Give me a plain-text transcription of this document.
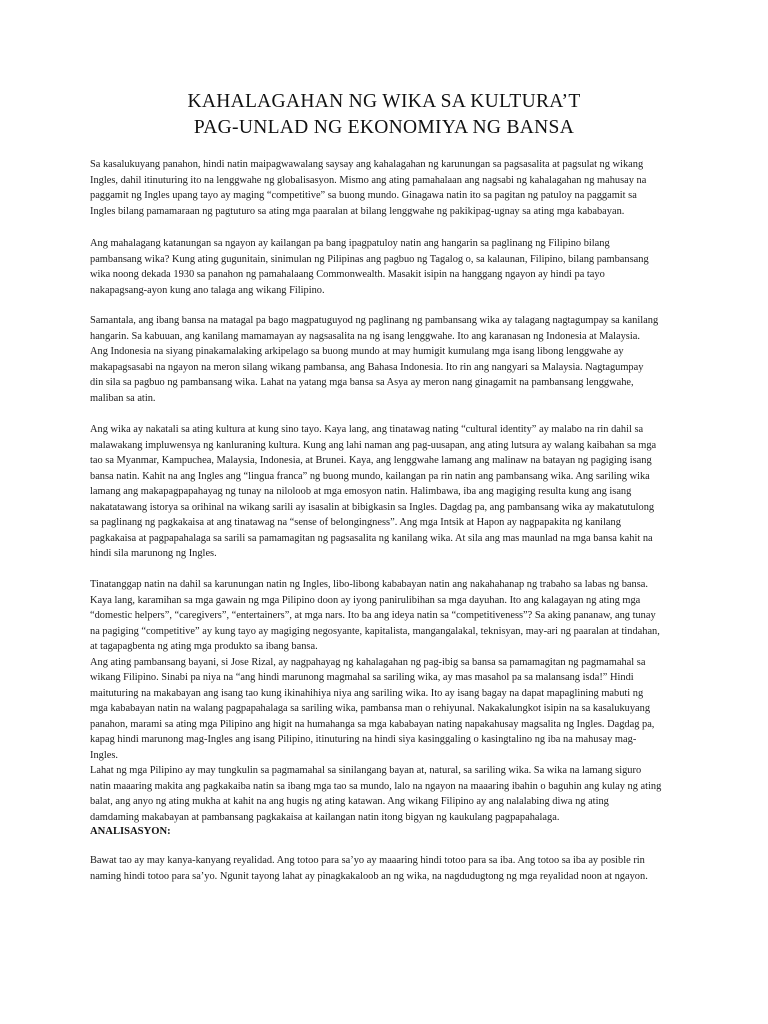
KAHALAGAHAN NG WIKA SA KULTURA’T
PAG-UNLAD NG EKONOMIYA NG BANSA
Sa kasalukuyang panahon, hindi natin maipagwawalang saysay ang kahalagahan ng karunungan sa pagsasalita at pagsulat ng wikang
Ingles, dahil itinuturing ito na lenggwahe ng globalisasyon. Mismo ang ating pamahalaan ang nagsabi ng kahalagahan ng mahusay na
paggamit ng Ingles upang tayo ay maging “competitive” sa buong mundo. Ginagawa natin ito sa pagitan ng patuloy na paggamit sa
Ingles bilang pamamaraan ng pagtuturo sa ating mga paaralan at bilang lenggwahe ng pakikipag-ugnay sa ating mga kababayan.
Ang mahalagang katanungan sa ngayon ay kailangan pa bang ipagpatuloy natin ang hangarin sa paglinang ng Filipino bilang
pambansang wika? Kung ating gugunitain, sinimulan ng Pilipinas ang pagbuo ng Tagalog o, sa kalaunan, Filipino, bilang pambansang
wika noong dekada 1930 sa panahon ng pamahalaang Commonwealth. Masakit isipin na hanggang ngayon ay hindi pa tayo
nakapagsang-ayon kung ano talaga ang wikang Filipino.
Samantala, ang ibang bansa na matagal pa bago magpatuguyod ng paglinang ng pambansang wika ay talagang nagtagumpay sa kanilang
hangarin. Sa kabuuan, ang kanilang mamamayan ay nagsasalita na ng isang lenggwahe. Ito ang karanasan ng Indonesia at Malaysia.
Ang Indonesia na siyang pinakamalaking arkipelago sa buong mundo at may humigit kumulang mga isang libong lenggwahe ay
makapagsasabi na ngayon na meron silang wikang pambansa, ang Bahasa Indonesia. Ito rin ang nangyari sa Malaysia. Nagtagumpay
din sila sa pagbuo ng pambansang wika. Lahat na yatang mga bansa sa Asya ay meron nang ginagamit na pambansang lenggwahe,
maliban sa atin.
Ang wika ay nakatali sa ating kultura at kung sino tayo. Kaya lang, ang tinatawag nating “cultural identity” ay malabo na rin dahil sa
malawakang impluwensya ng kanluraning kultura. Kung ang lahi naman ang pag-uusapan, ang ating lutsura ay walang kaibahan sa mga
tao sa Myanmar, Kampuchea, Malaysia, Indonesia, at Brunei. Kaya, ang lenggwahe lamang ang malinaw na batayan ng pagiging isang
bansa natin. Kahit na ang Ingles ang “lingua franca” ng buong mundo, kailangan pa rin natin ang pambansang wika. Ang sariling wika
lamang ang makapagpapahayag ng tunay na niloloob at mga emosyon natin. Halimbawa, iba ang magiging resulta kung ang isang
nakatatawang istorya sa orihinal na wikang sarili ay isasalin at bibigkasin sa Ingles. Dagdag pa, ang pambansang wika ay makatutulong
sa paglinang ng pagkakaisa at ang tinatawag na “sense of belongingness”. Ang mga Intsik at Hapon ay nagpapakita ng kanilang
pagkakaisa at pagpapahalaga sa sarili sa pamamagitan ng pagsasalita ng kanilang wika. At sila ang mas maunlad na mga bansa kahit na
hindi sila marunong ng Ingles.
Tinatanggap natin na dahil sa karunungan natin ng Ingles, libo-libong kababayan natin ang nakahahanap ng trabaho sa labas ng bansa.
Kaya lang, karamihan sa mga gawain ng mga Pilipino doon ay iyong panirulibihan sa mga dayuhan. Ito ang kalagayan ng ating mga
“domestic helpers”, “caregivers”, “entertainers”, at mga nars. Ito ba ang ideya natin sa “competitiveness”? Sa aking pananaw, ang tunay
na pagiging “competitive” ay kung tayo ay magiging negosyante, kapitalista, mangangalakal, teknisyan, may-ari ng paaralan at tindahan,
at tagapagbenta ng ating mga produkto sa ibang bansa.
Ang ating pambansang bayani, si Jose Rizal, ay nagpahayag ng kahalagahan ng pag-ibig sa bansa sa pamamagitan ng pagmamahal sa
wikang Filipino. Sinabi pa niya na “ang hindi marunong magmahal sa sariling wika, ay mas masahol pa sa malansang isda!” Hindi
maituturing na makabayan ang isang tao kung ikinahihiya niya ang sariling wika. Ito ay isang bagay na dapat mapaglining mabuti ng
mga kababayan natin na walang pagpapahalaga sa sariling wika, pambansa man o rehiyunal. Nakakalungkot isipin na sa kasalukuyang
panahon, marami sa ating mga Pilipino ang higit na humahanga sa mga kababayan nating napakahusay magsalita ng Ingles. Dagdag pa,
kapag hindi marunong mag-Ingles ang isang Pilipino, itinuturing na hindi siya kasinggaling o kasingtalino ng iba na mahusay mag-
Ingles.
Lahat ng mga Pilipino ay may tungkulin sa pagmamahal sa sinilangang bayan at, natural, sa sariling wika. Sa wika na lamang siguro
natin maaaring makita ang pagkakaiba natin sa ibang mga tao sa mundo, lalo na ngayon na maaaring ibahin o baguhin ang kulay ng ating
balat, ang anyo ng ating mukha at kahit na ang hugis ng ating katawan. Ang wikang Filipino ay ang nalalabing diwa ng ating
damdaming makabayan at pambansang pagkakaisa at kailangan natin itong bigyan ng kaukulang pagpapahalaga.
ANALISASYON:
Bawat tao ay may kanya-kanyang reyalidad. Ang totoo para sa’yo ay maaaring hindi totoo para sa iba. Ang totoo sa iba ay posible rin
naming hindi totoo para sa’yo. Ngunit tayong lahat ay pinagkakaloob an ng wika, na nagdudugtong ng mga reyalidad noon at ngayon.
